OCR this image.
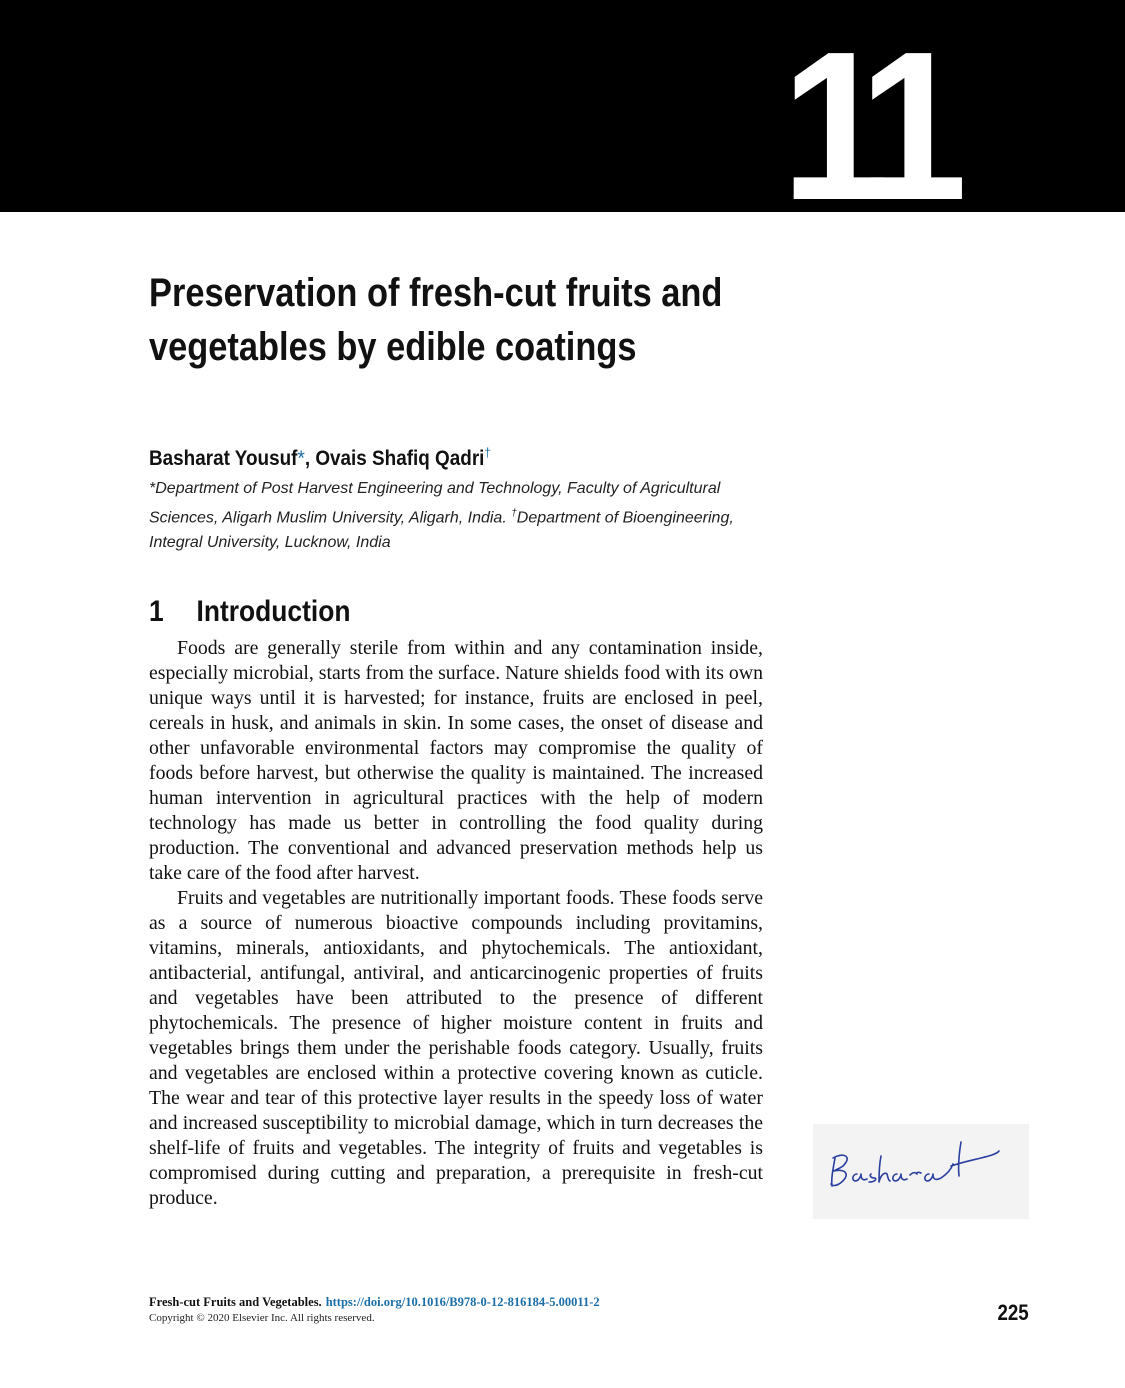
11
Preservation of fresh-cut fruits and vegetables by edible coatings
Basharat Yousuf*, Ovais Shafiq Qadri†
*Department of Post Harvest Engineering and Technology, Faculty of Agricultural Sciences, Aligarh Muslim University, Aligarh, India. †Department of Bioengineering, Integral University, Lucknow, India
1 Introduction

Foods are generally sterile from within and any contamination inside, especially microbial, starts from the surface. Nature shields food with its own unique ways until it is harvested; for instance, fruits are enclosed in peel, cereals in husk, and animals in skin. In some cases, the onset of disease and other unfavorable environmental factors may compromise the quality of foods before harvest, but otherwise the quality is maintained. The increased human intervention in agricultural practices with the help of modern technology has made us better in controlling the food quality during production. The conventional and advanced preservation methods help us take care of the food after harvest.

Fruits and vegetables are nutritionally important foods. These foods serve as a source of numerous bioactive compounds including provitamins, vitamins, minerals, antioxidants, and phytochemicals. The antioxidant, antibacterial, antifungal, antiviral, and anticarcinogenic properties of fruits and vegetables have been attributed to the presence of different phytochemicals. The presence of higher moisture content in fruits and vegetables brings them under the perishable foods category. Usually, fruits and vegetables are enclosed within a protective covering known as cuticle. The wear and tear of this protective layer results in the speedy loss of water and increased susceptibility to microbial damage, which in turn decreases the shelf-life of fruits and vegetables. The integrity of fruits and vegetables is compromised during cutting and preparation, a prerequisite in fresh-cut produce.

Fresh-cut Fruits and Vegetables. https://doi.org/10.1016/B978-0-12-816184-5.00011-2
Copyright © 2020 Elsevier Inc. All rights reserved.	225
